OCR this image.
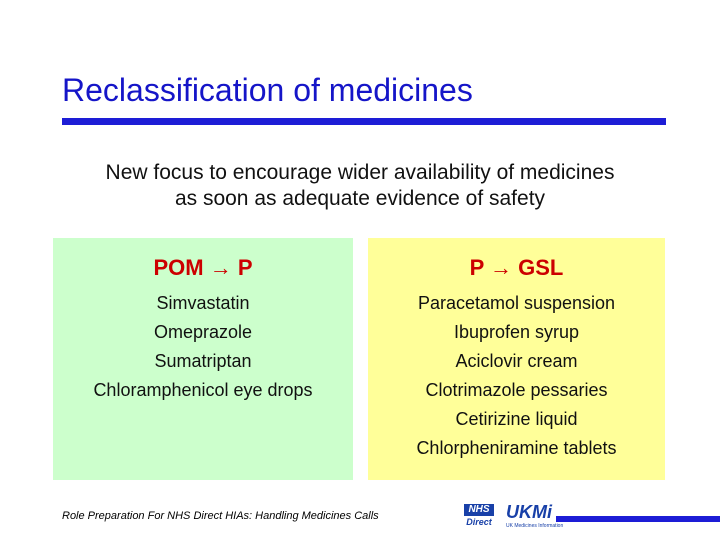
Reclassification of medicines
New focus to encourage wider availability of medicines
as soon as adequate evidence of safety
POM → P
Simvastatin
Omeprazole
Sumatriptan
Chloramphenicol eye drops
P → GSL
Paracetamol suspension
Ibuprofen syrup
Aciclovir cream
Clotrimazole pessaries
Cetirizine liquid
Chlorpheniramine tablets
Role Preparation For NHS Direct HIAs: Handling Medicines Calls
NHS
Direct UKMi
UK Medicines Information
